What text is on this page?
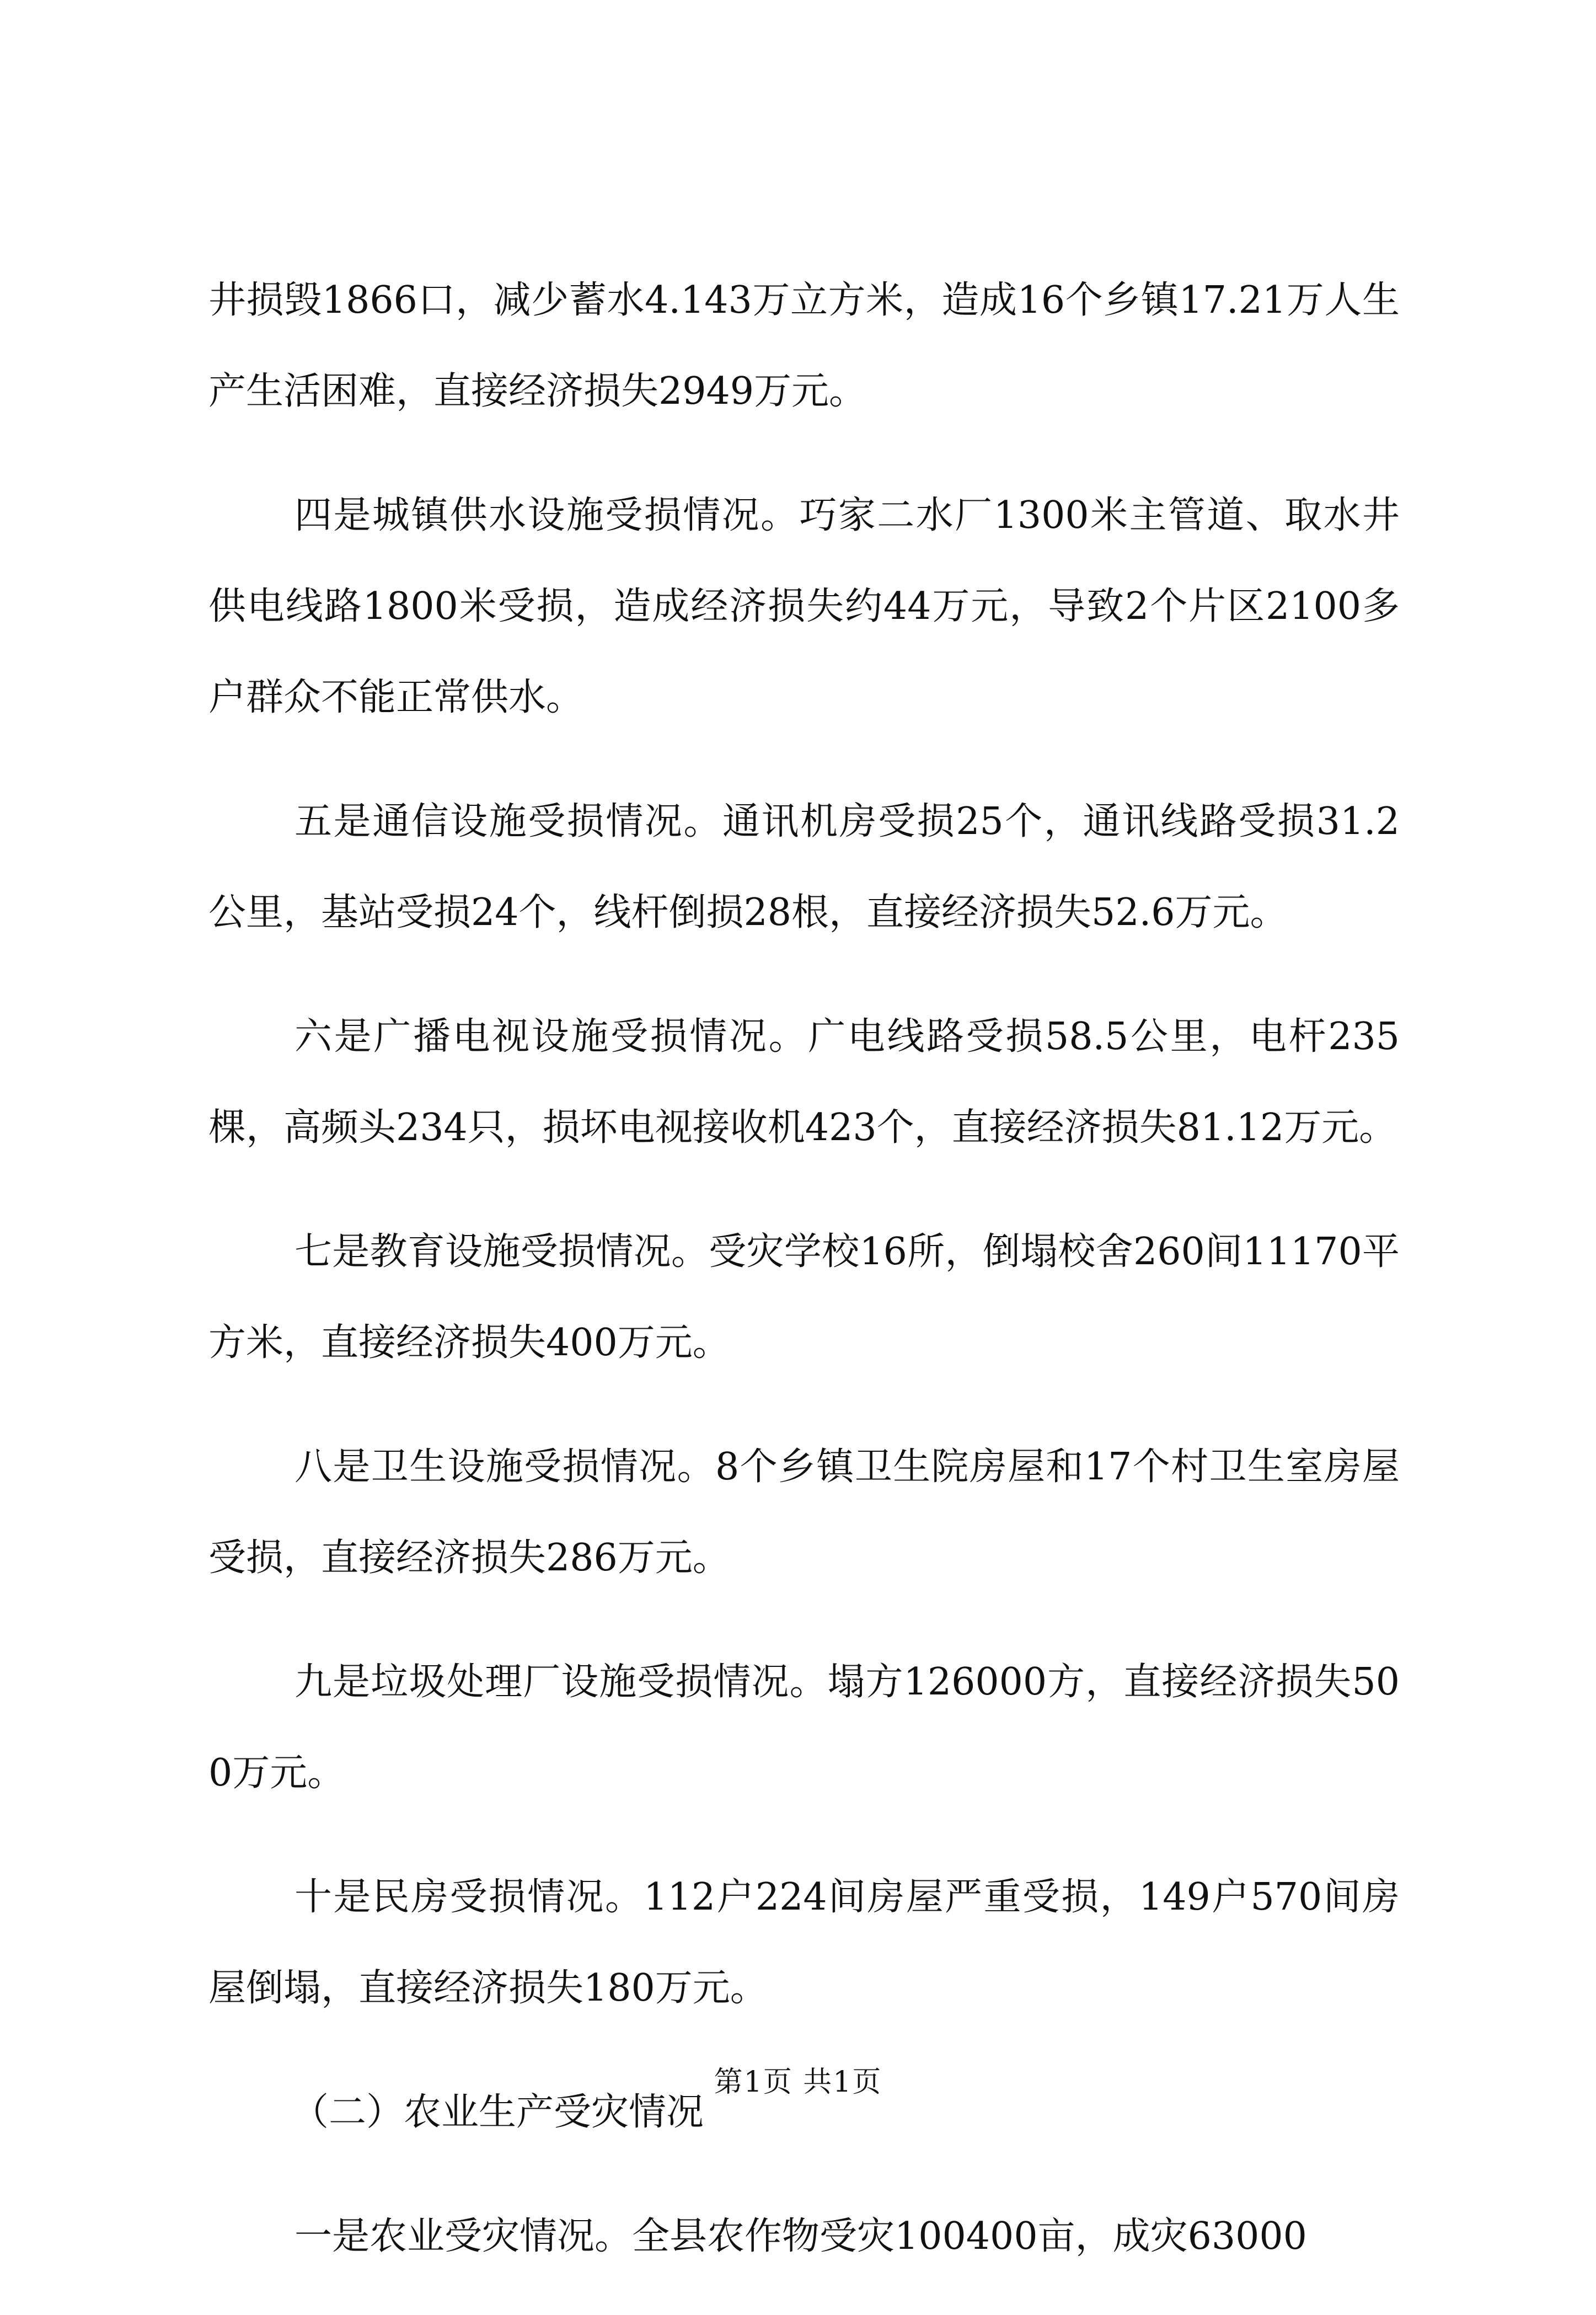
井损毁1866口，减少蓄水4.143万立方米，造成16个乡镇17.21万人生产生活困难，直接经济损失2949万元。

四是城镇供水设施受损情况。巧家二水厂1300米主管道、取水井供电线路1800米受损，造成经济损失约44万元，导致2个片区2100多户群众不能正常供水。

五是通信设施受损情况。通讯机房受损25个，通讯线路受损31.2公里，基站受损24个，线杆倒损28根，直接经济损失52.6万元。

六是广播电视设施受损情况。广电线路受损58.5公里，电杆235棵，高频头234只，损坏电视接收机423个，直接经济损失81.12万元。

七是教育设施受损情况。受灾学校16所，倒塌校舍260间11170平方米，直接经济损失400万元。

八是卫生设施受损情况。8个乡镇卫生院房屋和17个村卫生室房屋受损，直接经济损失286万元。

九是垃圾处理厂设施受损情况。塌方126000方，直接经济损失500万元。

十是民房受损情况。112户224间房屋严重受损，149户570间房屋倒塌，直接经济损失180万元。

（二）农业生产受灾情况

一是农业受灾情况。全县农作物受灾100400亩，成灾63000

第1页 共1页
